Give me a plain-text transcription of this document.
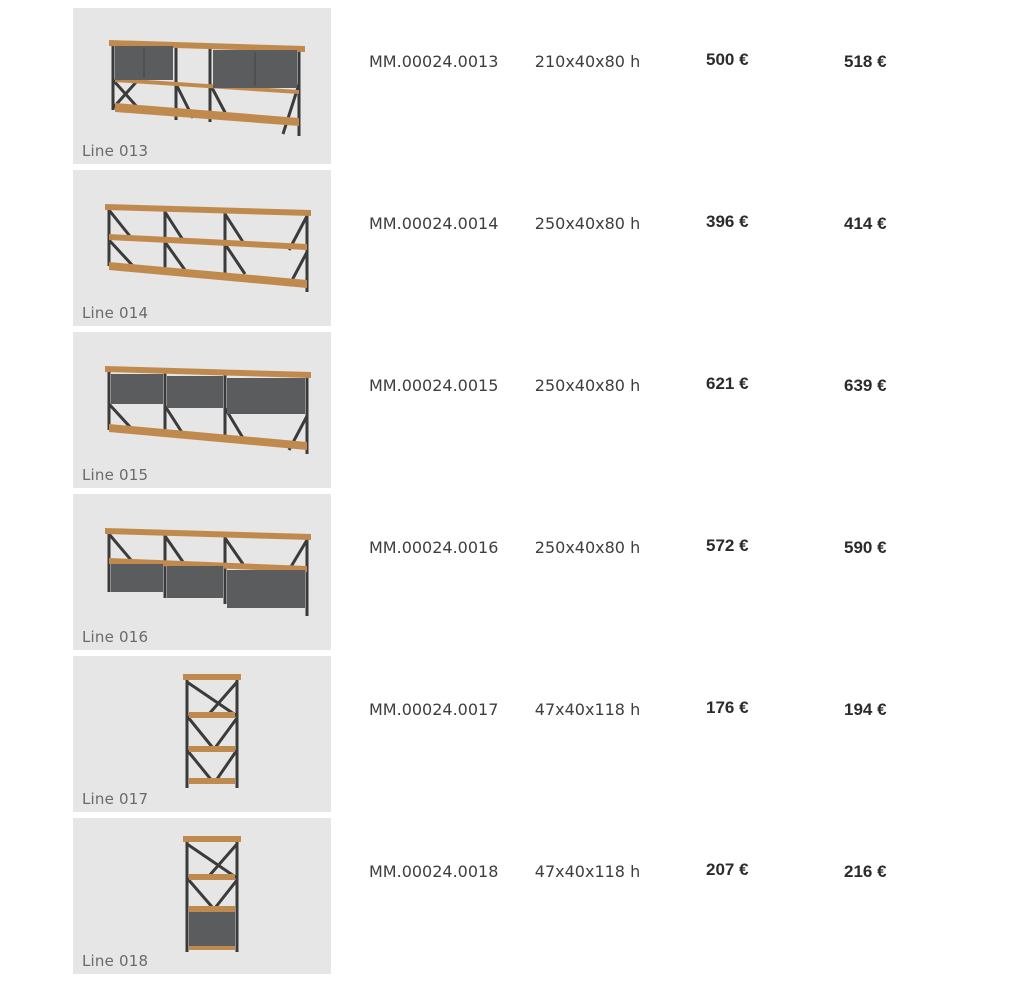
Line 013
MM.00024.0013	210x40x80 h	500 €	518 €
Line 014
MM.00024.0014	250x40x80 h	396 €	414 €
Line 015
MM.00024.0015	250x40x80 h	621 €	639 €
Line 016
MM.00024.0016	250x40x80 h	572 €	590 €
Line 017
MM.00024.0017	47x40x118 h	176 €	194 €
Line 018
MM.00024.0018	47x40x118 h	207 €	216 €
